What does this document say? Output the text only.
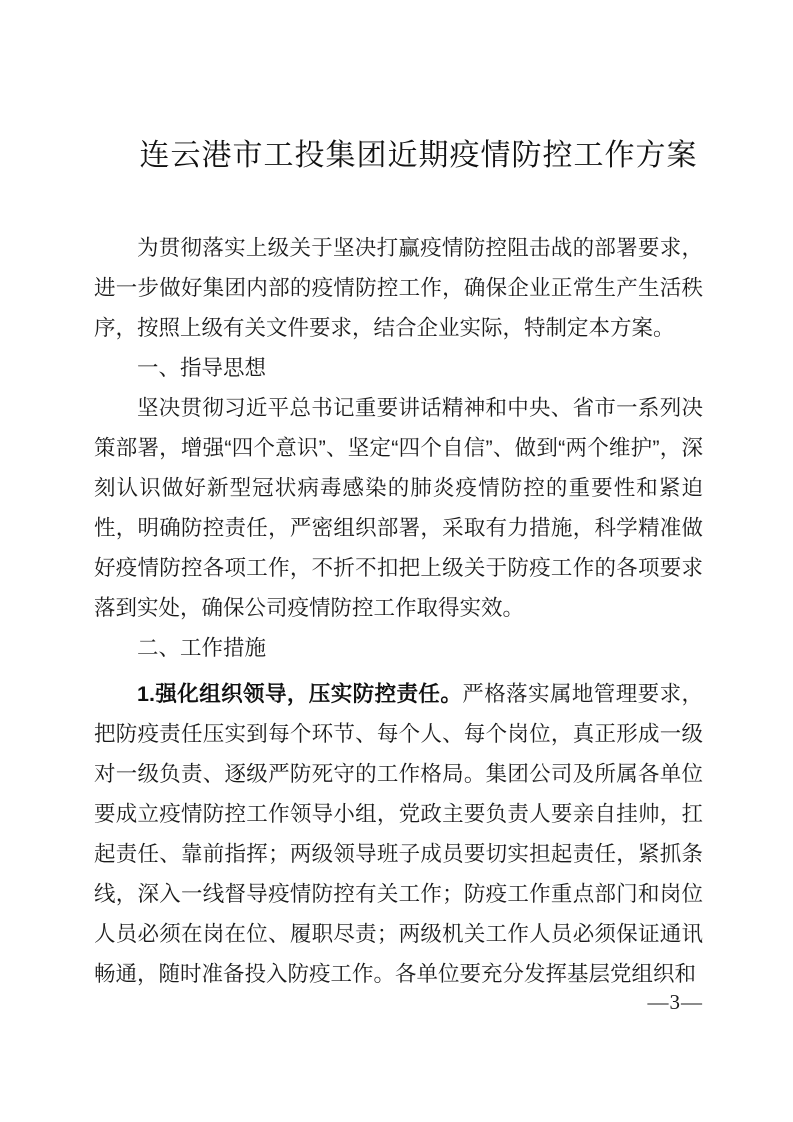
连云港市工投集团近期疫情防控工作方案
为贯彻落实上级关于坚决打赢疫情防控阻击战的部署要求，进一步做好集团内部的疫情防控工作，确保企业正常生产生活秩序，按照上级有关文件要求，结合企业实际，特制定本方案。
一、指导思想
坚决贯彻习近平总书记重要讲话精神和中央、省市一系列决策部署，增强“四个意识”、坚定“四个自信”、做到“两个维护”，深刻认识做好新型冠状病毒感染的肺炎疫情防控的重要性和紧迫性，明确防控责任，严密组织部署，采取有力措施，科学精准做好疫情防控各项工作，不折不扣把上级关于防疫工作的各项要求落到实处，确保公司疫情防控工作取得实效。
二、工作措施
1.强化组织领导，压实防控责任。严格落实属地管理要求，把防疫责任压实到每个环节、每个人、每个岗位，真正形成一级对一级负责、逐级严防死守的工作格局。集团公司及所属各单位要成立疫情防控工作领导小组，党政主要负责人要亲自挂帅，扛起责任、靠前指挥；两级领导班子成员要切实担起责任，紧抓条线，深入一线督导疫情防控有关工作；防疫工作重点部门和岗位人员必须在岗在位、履职尽责；两级机关工作人员必须保证通讯畅通，随时准备投入防疫工作。各单位要充分发挥基层党组织和
—3—
